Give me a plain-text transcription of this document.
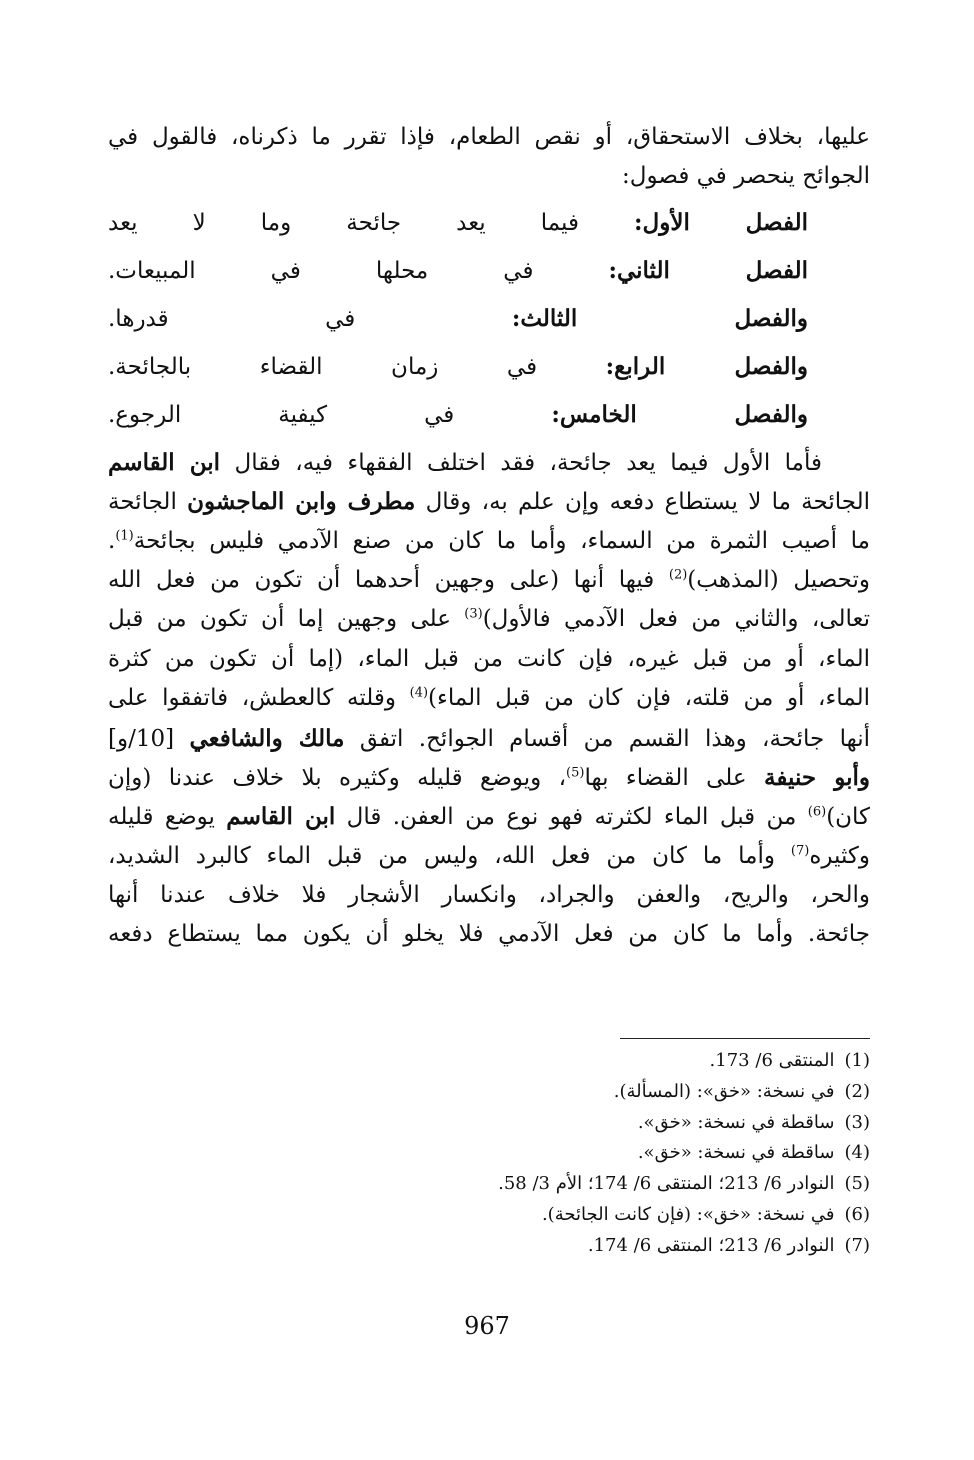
عليها، بخلاف الاستحقاق، أو نقص الطعام، فإذا تقرر ما ذكرناه، فالقول في
الجوائح ينحصر في فصول:
الفصل الأول: فيما يعد جائحة وما لا يعد
الفصل الثاني: في محلها في المبيعات.
والفصل الثالث: في قدرها.
والفصل الرابع: في زمان القضاء بالجائحة.
والفصل الخامس: في كيفية الرجوع.
فأما الأول فيما يعد جائحة، فقد اختلف الفقهاء فيه، فقال ابن القاسم
الجائحة ما لا يستطاع دفعه وإن علم به، وقال مطرف وابن الماجشون الجائحة
ما أصيب الثمرة من السماء، وأما ما كان من صنع الآدمي فليس بجائحة$^{(1)}$.
وتحصيل (المذهب)$^{(2)}$ فيها أنها (على وجهين أحدهما أن تكون من فعل الله
تعالى، والثاني من فعل الآدمي فالأول)$^{(3)}$ على وجهين إما أن تكون من قبل
الماء، أو من قبل غيره، فإن كانت من قبل الماء، (إما أن تكون من كثرة
الماء، أو من قلته، فإن كان من قبل الماء)$^{(4)}$ وقلته كالعطش، فاتفقوا على
أنها جائحة، وهذا القسم من أقسام الجوائح. اتفق مالك والشافعي [10/و]
وأبو حنيفة على القضاء بها$^{(5)}$، ويوضع قليله وكثيره بلا خلاف عندنا (وإن
كان)$^{(6)}$ من قبل الماء لكثرته فهو نوع من العفن. قال ابن القاسم يوضع قليله
وكثيره$^{(7)}$ وأما ما كان من فعل الله، وليس من قبل الماء كالبرد الشديد،
والحر، والريح، والعفن والجراد، وانكسار الأشجار فلا خلاف عندنا أنها
جائحة. وأما ما كان من فعل الآدمي فلا يخلو أن يكون مما يستطاع دفعه
(1)المنتقى 6/ 173.
(2)في نسخة: «خق»: (المسألة).
(3)ساقطة في نسخة: «خق».
(4)ساقطة في نسخة: «خق».
(5)النوادر 6/ 213؛ المنتقى 6/ 174؛ الأم 3/ 58.
(6)في نسخة: «خق»: (فإن كانت الجائحة).
(7)النوادر 6/ 213؛ المنتقى 6/ 174.
967
